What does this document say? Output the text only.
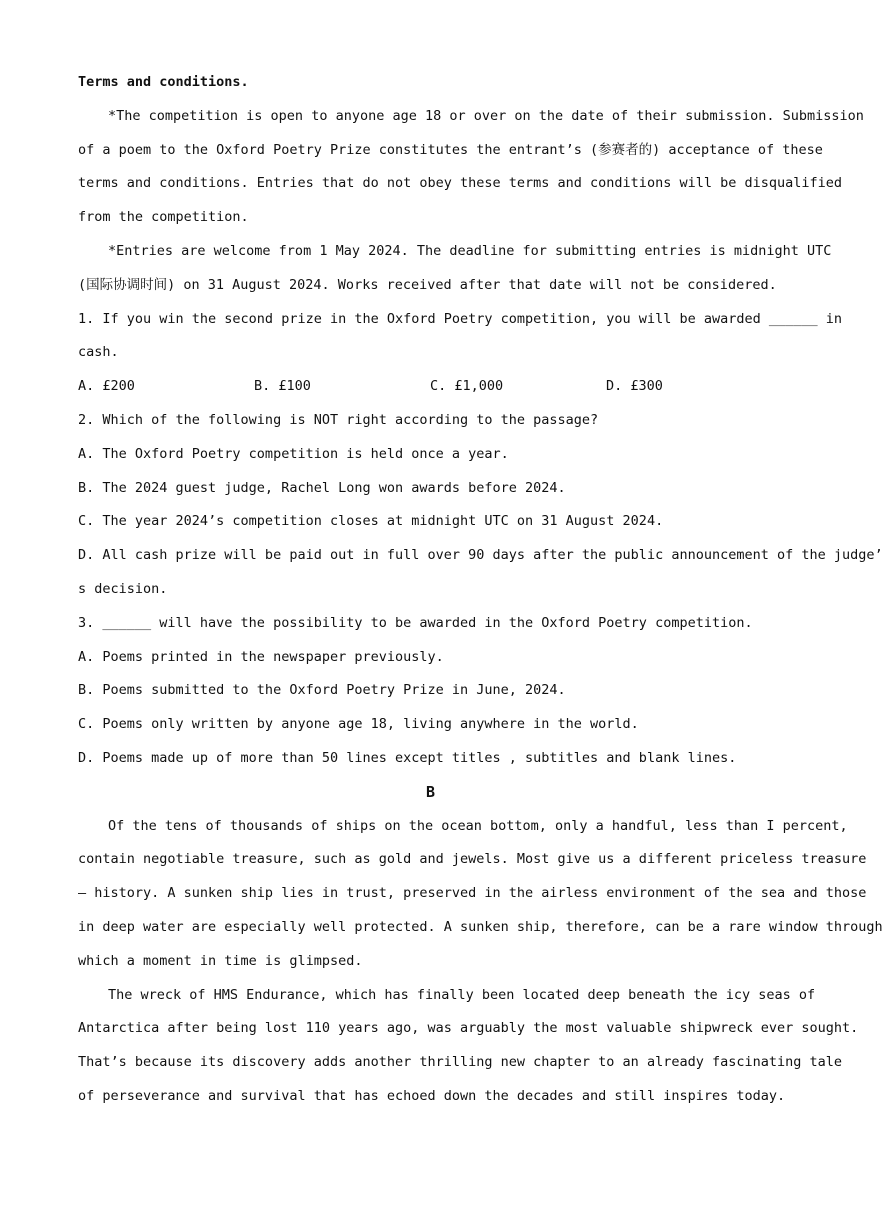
Terms and conditions.
*The competition is open to anyone age 18 or over on the date of their submission. Submission
of a poem to the Oxford Poetry Prize constitutes the entrant’s (参赛者的) acceptance of these
terms and conditions. Entries that do not obey these terms and conditions will be disqualified
from the competition.
*Entries are welcome from 1 May 2024. The deadline for submitting entries is midnight UTC
(国际协调时间) on 31 August 2024. Works received after that date will not be considered.
1. If you win the second prize in the Oxford Poetry competition, you will be awarded ______ in
cash.
A. £200	B. £100	C. £1,000	D. £300
2. Which of the following is NOT right according to the passage?
A. The Oxford Poetry competition is held once a year.
B. The 2024 guest judge, Rachel Long won awards before 2024.
C. The year 2024’s competition closes at midnight UTC on 31 August 2024.
D. All cash prize will be paid out in full over 90 days after the public announcement of the judge’
s decision.
3. ______ will have the possibility to be awarded in the Oxford Poetry competition.
A. Poems printed in the newspaper previously.
B. Poems submitted to the Oxford Poetry Prize in June, 2024.
C. Poems only written by anyone age 18, living anywhere in the world.
D. Poems made up of more than 50 lines except titles , subtitles and blank lines.
B
Of the tens of thousands of ships on the ocean bottom, only a handful, less than I percent,
contain negotiable treasure, such as gold and jewels. Most give us a different priceless treasure
— history. A sunken ship lies in trust, preserved in the airless environment of the sea and those
in deep water are especially well protected. A sunken ship, therefore, can be a rare window through
which a moment in time is glimpsed.
The wreck of HMS Endurance, which has finally been located deep beneath the icy seas of
Antarctica after being lost 110 years ago, was arguably the most valuable shipwreck ever sought.
That’s because its discovery adds another thrilling new chapter to an already fascinating tale
of perseverance and survival that has echoed down the decades and still inspires today.
